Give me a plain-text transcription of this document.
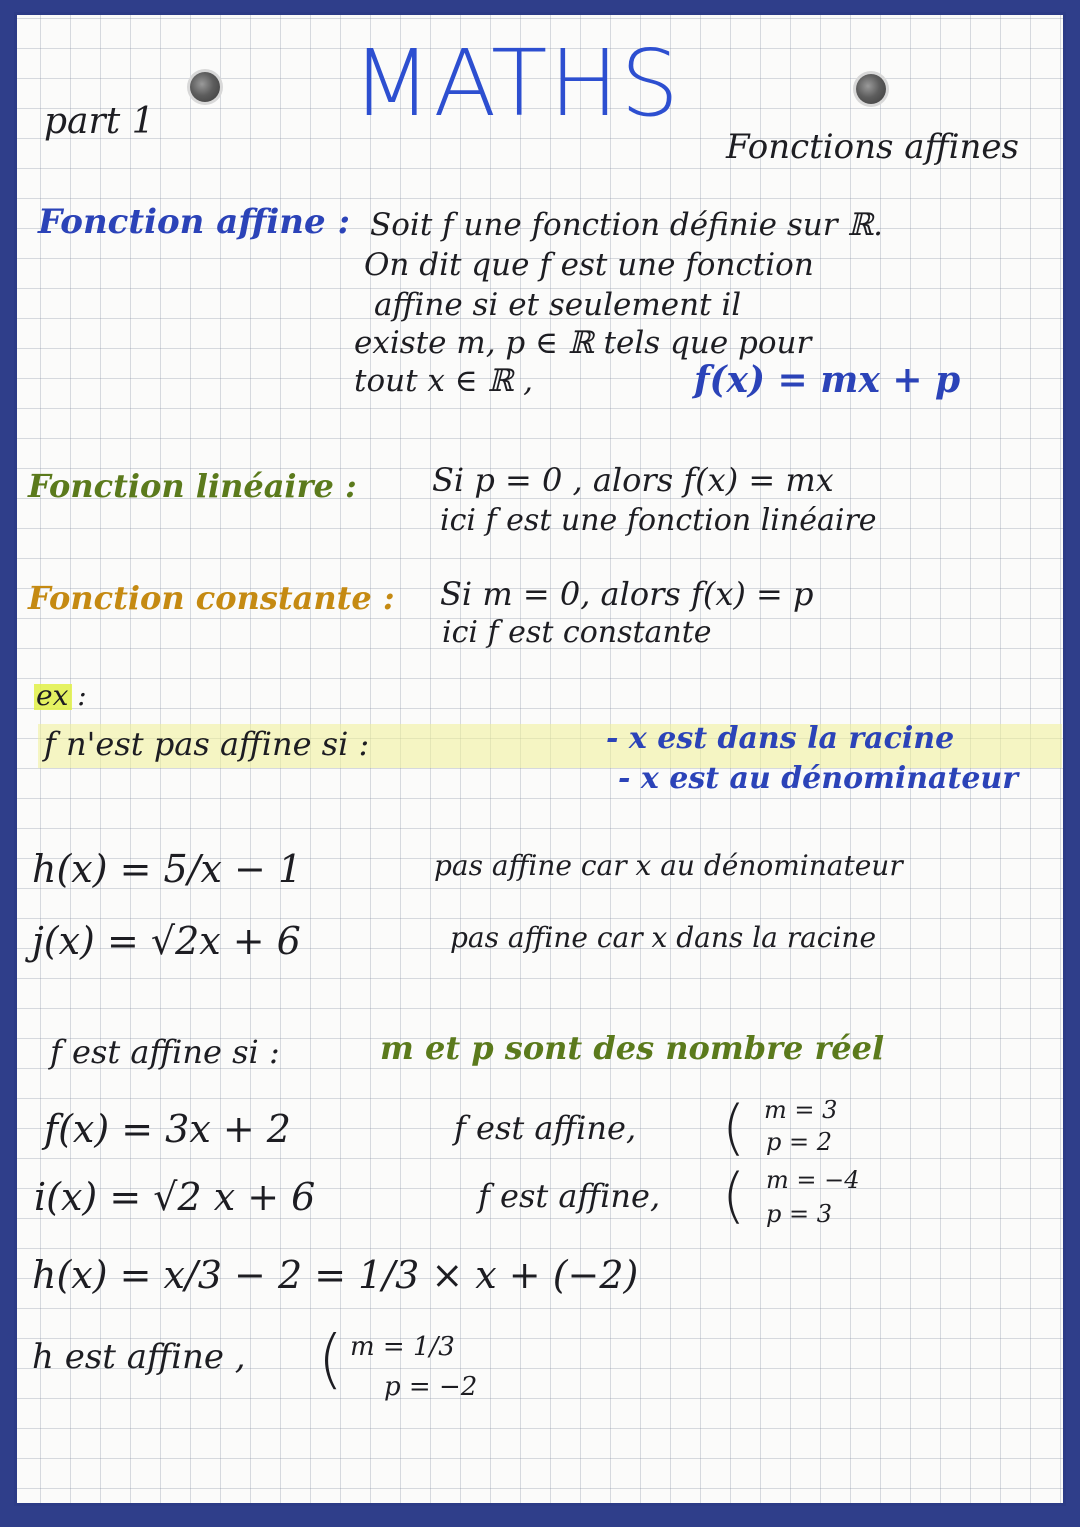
part 1 MATHS
Fonctions affines
Fonction affine : Soit f une fonction définie sur ℝ.
On dit que f est une fonction
affine si et seulement il
existe m, p ∈ ℝ tels que pour
tout x ∈ ℝ ,	f(x) = mx + p
Fonction linéaire : Si p = 0 , alors f(x) = mx
ici f est une fonction linéaire
Fonction constante : Si m = 0, alors f(x) = p
ici f est constante
ex :
f n'est pas affine si :	- x est dans la racine
- x est au dénominateur
h(x) = 5/x − 1	pas affine car x au dénominateur
j(x) = √2x + 6	pas affine car x dans la racine
f est affine si :	m et p sont des nombre réel
f(x) = 3x + 2	f est affine, ( m = 3
p = 2
i(x) = √2 x + 6	f est affine, ( m = −4
p = 3
h(x) = x/3 − 2 = 1/3 × x + (−2)
h est affine , ( m = 1/3
p = −2
